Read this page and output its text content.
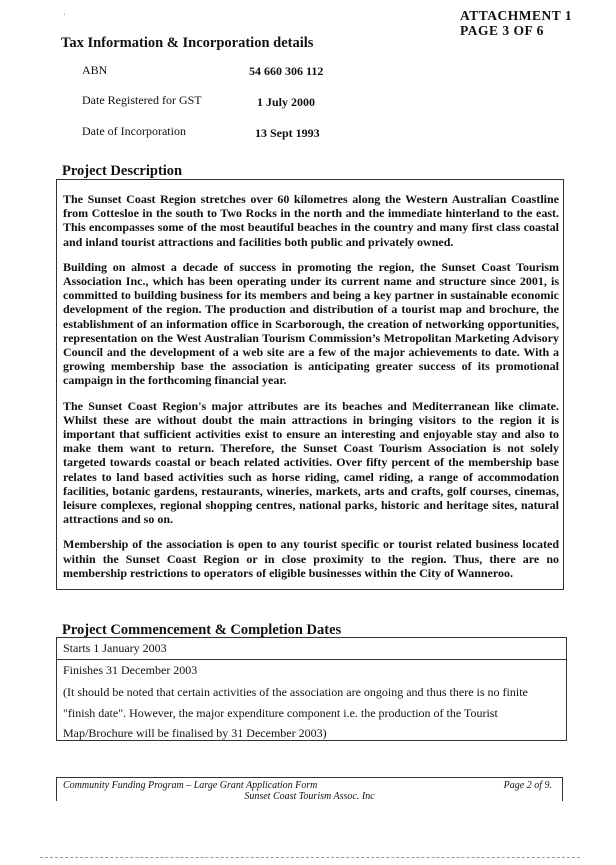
'	ATTACHMENT 1
PAGE 3 OF 6
Tax Information & Incorporation details
ABN	54 660 306 112
Date Registered for GST	1 July 2000
Date of Incorporation	13 Sept 1993
Project Description

The Sunset Coast Region stretches over 60 kilometres along the Western Australian Coastline from Cottesloe in the south to Two Rocks in the north and the immediate hinterland to the east. This encompasses some of the most beautiful beaches in the country and many first class coastal and inland tourist attractions and facilities both public and privately owned.

Building on almost a decade of success in promoting the region, the Sunset Coast Tourism Association Inc., which has been operating under its current name and structure since 2001, is committed to building business for its members and being a key partner in sustainable economic development of the region. The production and distribution of a tourist map and brochure, the establishment of an information office in Scarborough, the creation of networking opportunities, representation on the West Australian Tourism Commission’s Metropolitan Marketing Advisory Council and the development of a web site are a few of the major achievements to date. With a growing membership base the association is anticipating greater success of its promotional campaign in the forthcoming financial year.

The Sunset Coast Region's major attributes are its beaches and Mediterranean like climate. Whilst these are without doubt the main attractions in bringing visitors to the region it is important that sufficient activities exist to ensure an interesting and enjoyable stay and also to make them want to return. Therefore, the Sunset Coast Tourism Association is not solely targeted towards coastal or beach related activities. Over fifty percent of the membership base relates to land based activities such as horse riding, camel riding, a range of accommodation facilities, botanic gardens, restaurants, wineries, markets, arts and crafts, golf courses, cinemas, leisure complexes, regional shopping centres, national parks, historic and heritage sites, natural attractions and so on.

Membership of the association is open to any tourist specific or tourist related business located within the Sunset Coast Region or in close proximity to the region. Thus, there are no membership restrictions to operators of eligible businesses within the City of Wanneroo.

Project Commencement & Completion Dates
Starts 1 January 2003
Finishes 31 December 2003
(It should be noted that certain activities of the association are ongoing and thus there is no finite
"finish date". However, the major expenditure component i.e. the production of the Tourist
Map/Brochure will be finalised by 31 December 2003)
Community Funding Program – Large Grant Application Form
Sunset Coast Tourism Assoc. Inc
Page 2 of 9.
